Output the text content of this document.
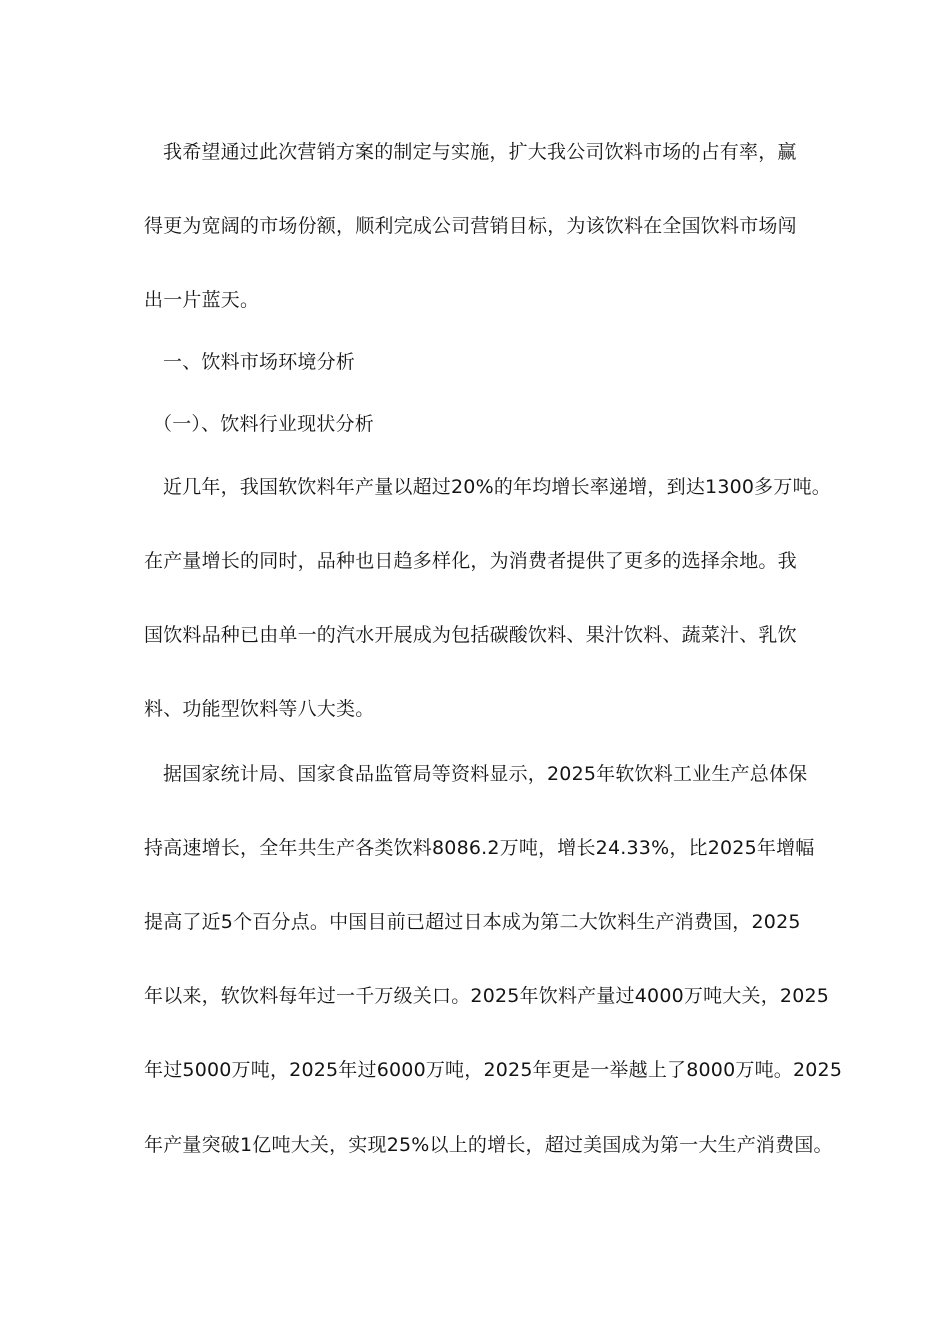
我希望通过此次营销方案的制定与实施，扩大我公司饮料市场的占有率，赢
得更为宽阔的市场份额，顺利完成公司营销目标，为该饮料在全国饮料市场闯
出一片蓝天。
一、饮料市场环境分析
（一）、饮料行业现状分析
近几年，我国软饮料年产量以超过20%的年均增长率递增，到达1300多万吨。
在产量增长的同时，品种也日趋多样化，为消费者提供了更多的选择余地。我
国饮料品种已由单一的汽水开展成为包括碳酸饮料、果汁饮料、蔬菜汁、乳饮
料、功能型饮料等八大类。
据国家统计局、国家食品监管局等资料显示，2025年软饮料工业生产总体保
持高速增长，全年共生产各类饮料8086.2万吨，增长24.33%，比2025年增幅
提高了近5个百分点。中国目前已超过日本成为第二大饮料生产消费国，2025
年以来，软饮料每年过一千万级关口。2025年饮料产量过4000万吨大关，2025
年过5000万吨，2025年过6000万吨，2025年更是一举越上了8000万吨。2025
年产量突破1亿吨大关，实现25%以上的增长，超过美国成为第一大生产消费国。
